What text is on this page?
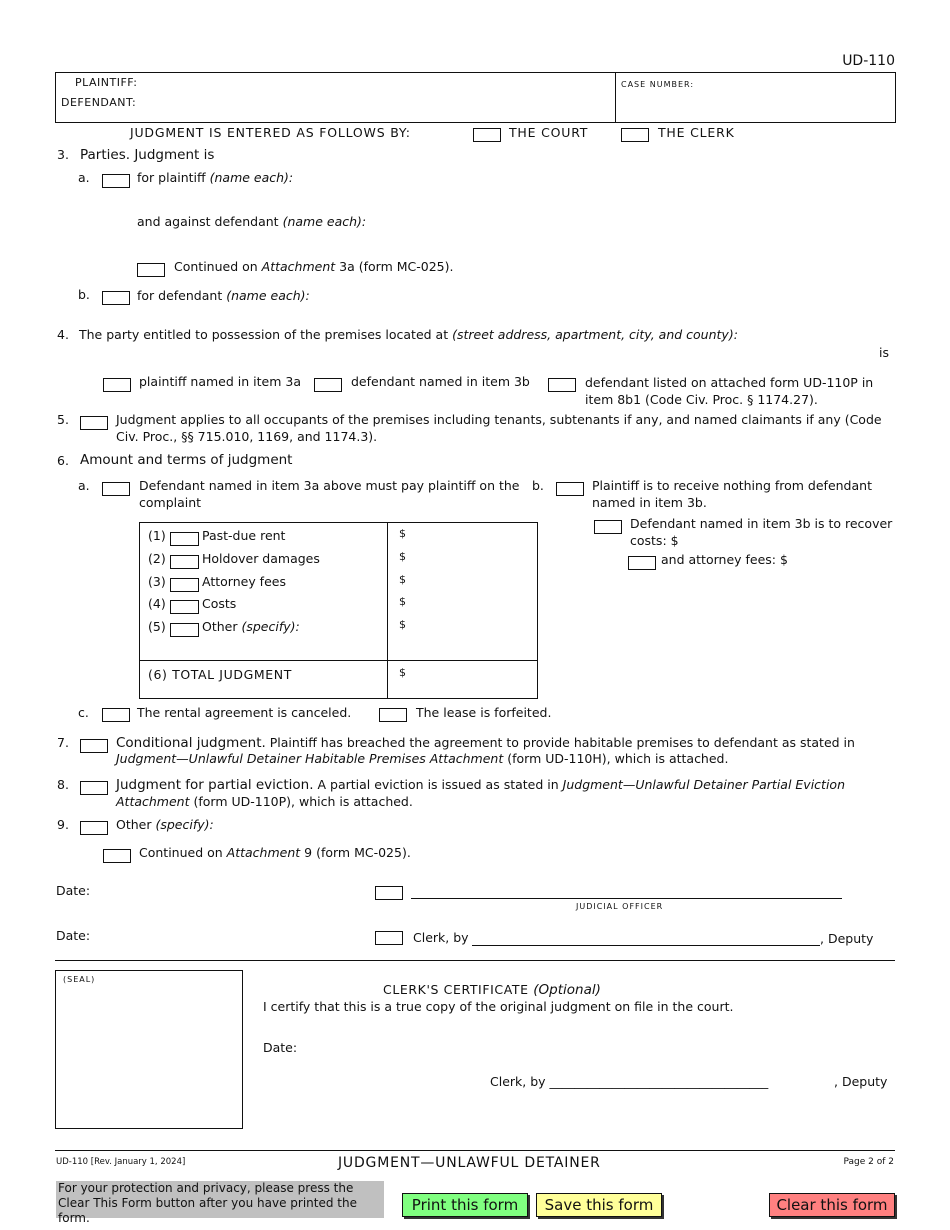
UD-110
PLAINTIFF:
DEFENDANT:
CASE NUMBER:
JUDGMENT IS ENTERED AS FOLLOWS BY:	THE COURT	THE CLERK
3. Parties. Judgment is
a.	for plaintiff (name each):
and against defendant (name each):
Continued on Attachment 3a (form MC-025).
b.	for defendant (name each):
4. The party entitled to possession of the premises located at (street address, apartment, city, and county):
is
plaintiff named in item 3a	defendant named in item 3b	defendant listed on attached form UD-110P in
item 8b1 (Code Civ. Proc. § 1174.27).
5.	Judgment applies to all occupants of the premises including tenants, subtenants if any, and named claimants if any (Code
Civ. Proc., §§ 715.010, 1169, and 1174.3).
6. Amount and terms of judgment
a.	Defendant named in item 3a above must pay plaintiff on the
complaint
b.	Plaintiff is to receive nothing from defendant
named in item 3b.
Defendant named in item 3b is to recover
costs: $
and attorney fees: $
(1)	Past-due rent	$
(2)	Holdover damages	$
(3)	Attorney fees	$
(4)	Costs	$
(5)	Other (specify):	$
(6) TOTAL JUDGMENT	$
c.	The rental agreement is canceled.	The lease is forfeited.
7.	Conditional judgment. Plaintiff has breached the agreement to provide habitable premises to defendant as stated in
Judgment—Unlawful Detainer Habitable Premises Attachment (form UD-110H), which is attached.
8.	Judgment for partial eviction. A partial eviction is issued as stated in Judgment—Unlawful Detainer Partial Eviction
Attachment (form UD-110P), which is attached.
9.	Other (specify):
Continued on Attachment 9 (form MC-025).
Date:
JUDICIAL OFFICER
Date:	Clerk, by	, Deputy
(SEAL)
CLERK'S CERTIFICATE (Optional)
I certify that this is a true copy of the original judgment on file in the court.
Date:
Clerk, by ___________________________________	, Deputy
UD-110 [Rev. January 1, 2024]	JUDGMENT—UNLAWFUL DETAINER	Page 2 of 2
For your protection and privacy, please press the Clear This Form button after you have printed the form.
Print this form	Save this form	Clear this form
